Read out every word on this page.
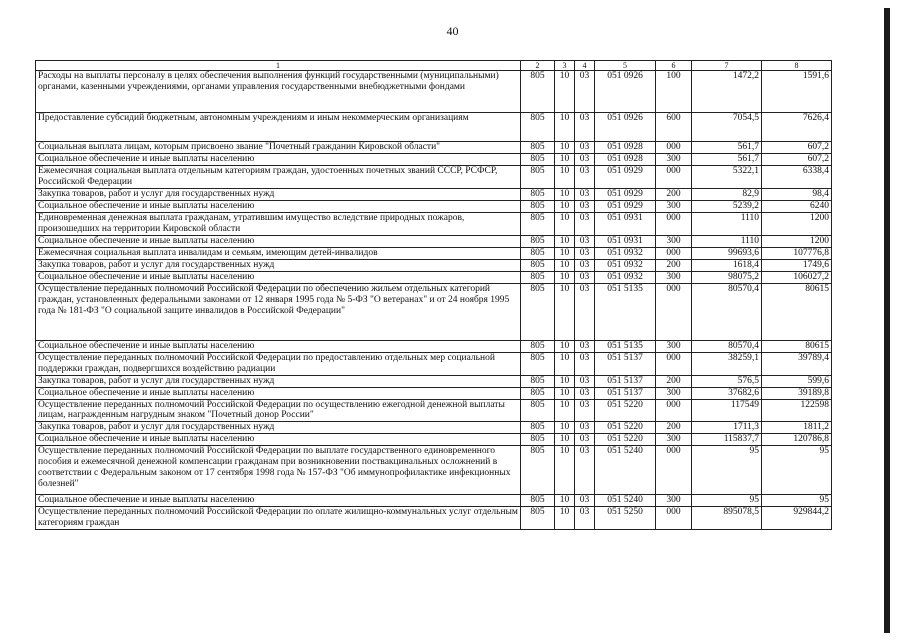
40
1	2	3	4	5	6	7	8
Расходы на выплаты персоналу в целях обеспечения выполнения функций государственными (муниципальными) органами, казенными учреждениями, органами управления государственными внебюджетными фондами	805	10	03	051 0926	100	1472,2	1591,6
Предоставление субсидий бюджетным, автономным учреждениям и иным некоммерческим организациям	805	10	03	051 0926	600	7054,5	7626,4
Социальная выплата лицам, которым присвоено звание "Почетный гражданин Кировской области"	805	10	03	051 0928	000	561,7	607,2
Социальное обеспечение и иные выплаты населению	805	10	03	051 0928	300	561,7	607,2
Ежемесячная социальная выплата отдельным категориям граждан, удостоенных почетных званий СССР, РСФСР, Российской Федерации	805	10	03	051 0929	000	5322,1	6338,4
Закупка товаров, работ и услуг для государственных нужд	805	10	03	051 0929	200	82,9	98,4
Социальное обеспечение и иные выплаты населению	805	10	03	051 0929	300	5239,2	6240
Единовременная денежная выплата гражданам, утратившим имущество вследствие природных пожаров, произошедших на территории Кировской области	805	10	03	051 0931	000	1110	1200
Социальное обеспечение и иные выплаты населению	805	10	03	051 0931	300	1110	1200
Ежемесячная социальная выплата инвалидам и семьям, имеющим детей-инвалидов	805	10	03	051 0932	000	99693,6	107776,8
Закупка товаров, работ и услуг для государственных нужд	805	10	03	051 0932	200	1618,4	1749,6
Социальное обеспечение и иные выплаты населению	805	10	03	051 0932	300	98075,2	106027,2
Осуществление переданных полномочий Российской Федерации по обеспечению жильем отдельных категорий граждан, установленных федеральными законами от 12 января 1995 года № 5-ФЗ "О ветеранах" и от 24 ноября 1995 года № 181-ФЗ "О социальной защите инвалидов в Российской Федерации"	805	10	03	051 5135	000	80570,4	80615
Социальное обеспечение и иные выплаты населению	805	10	03	051 5135	300	80570,4	80615
Осуществление переданных полномочий Российской Федерации по предоставлению отдельных мер социальной поддержки граждан, подвергшихся воздействию радиации	805	10	03	051 5137	000	38259,1	39789,4
Закупка товаров, работ и услуг для государственных нужд	805	10	03	051 5137	200	576,5	599,6
Социальное обеспечение и иные выплаты населению	805	10	03	051 5137	300	37682,6	39189,8
Осуществление переданных полномочий Российской Федерации по осуществлению ежегодной денежной выплаты лицам, награжденным нагрудным знаком "Почетный донор России"	805	10	03	051 5220	000	117549	122598
Закупка товаров, работ и услуг для государственных нужд	805	10	03	051 5220	200	1711,3	1811,2
Социальное обеспечение и иные выплаты населению	805	10	03	051 5220	300	115837,7	120786,8
Осуществление переданных полномочий Российской Федерации по выплате государственного единовременного пособия и ежемесячной денежной компенсации гражданам при возникновении поствакцинальных осложнений в соответствии с Федеральным законом от 17 сентября 1998 года № 157-ФЗ "Об иммунопрофилактике инфекционных болезней"	805	10	03	051 5240	000	95	95
Социальное обеспечение и иные выплаты населению	805	10	03	051 5240	300	95	95
Осуществление переданных полномочий Российской Федерации по оплате жилищно-коммунальных услуг отдельным категориям граждан	805	10	03	051 5250	000	895078,5	929844,2
